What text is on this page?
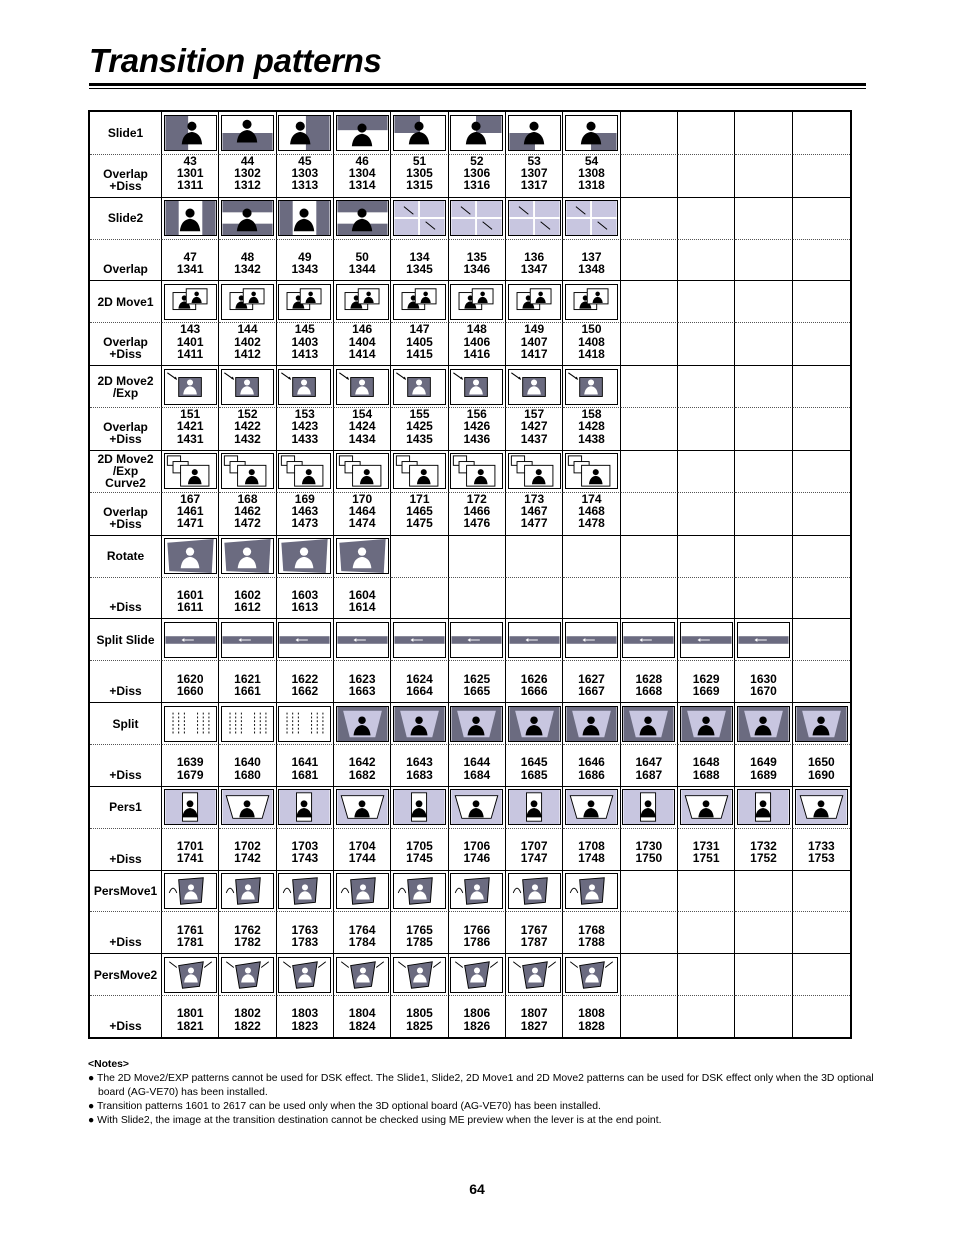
Transition patterns
Slide1
Overlap
+Diss
43
1301
1311
44
1302
1312
45
1303
1313
46
1304
1314
51
1305
1315
52
1306
1316
53
1307
1317
54
1308
1318
Slide2
Overlap
47
1341
48
1342
49
1343
50
1344
134
1345
135
1346
136
1347
137
1348
2D Move1
Overlap
+Diss
143
1401
1411
144
1402
1412
145
1403
1413
146
1404
1414
147
1405
1415
148
1406
1416
149
1407
1417
150
1408
1418
2D Move2
/Exp
Overlap
+Diss
151
1421
1431
152
1422
1432
153
1423
1433
154
1424
1434
155
1425
1435
156
1426
1436
157
1427
1437
158
1428
1438
2D Move2
/Exp
Curve2
Overlap
+Diss
167
1461
1471
168
1462
1472
169
1463
1473
170
1464
1474
171
1465
1475
172
1466
1476
173
1467
1477
174
1468
1478
Rotate
+Diss
1601
1611
1602
1612
1603
1613
1604
1614
Split Slide
+Diss
1620
1660
1621
1661
1622
1662
1623
1663
1624
1664
1625
1665
1626
1666
1627
1667
1628
1668
1629
1669
1630
1670
Split
+Diss
1639
1679
1640
1680
1641
1681
1642
1682
1643
1683
1644
1684
1645
1685
1646
1686
1647
1687
1648
1688
1649
1689
1650
1690
Pers1
+Diss
1701
1741
1702
1742
1703
1743
1704
1744
1705
1745
1706
1746
1707
1747
1708
1748
1730
1750
1731
1751
1732
1752
1733
1753
PersMove1
+Diss
1761
1781
1762
1782
1763
1783
1764
1784
1765
1785
1766
1786
1767
1787
1768
1788
PersMove2
+Diss
1801
1821
1802
1822
1803
1823
1804
1824
1805
1825
1806
1826
1807
1827
1808
1828
<Notes>
● The 2D Move2/EXP patterns cannot be used for DSK effect. The Slide1, Slide2, 2D Move1 and 2D Move2 patterns can be used for DSK effect only when the 3D optional board (AG-VE70) has been installed.
● Transition patterns 1601 to 2617 can be used only when the 3D optional board (AG-VE70) has been installed.
● With Slide2, the image at the transition destination cannot be checked using ME preview when the lever is at the end point.
64
